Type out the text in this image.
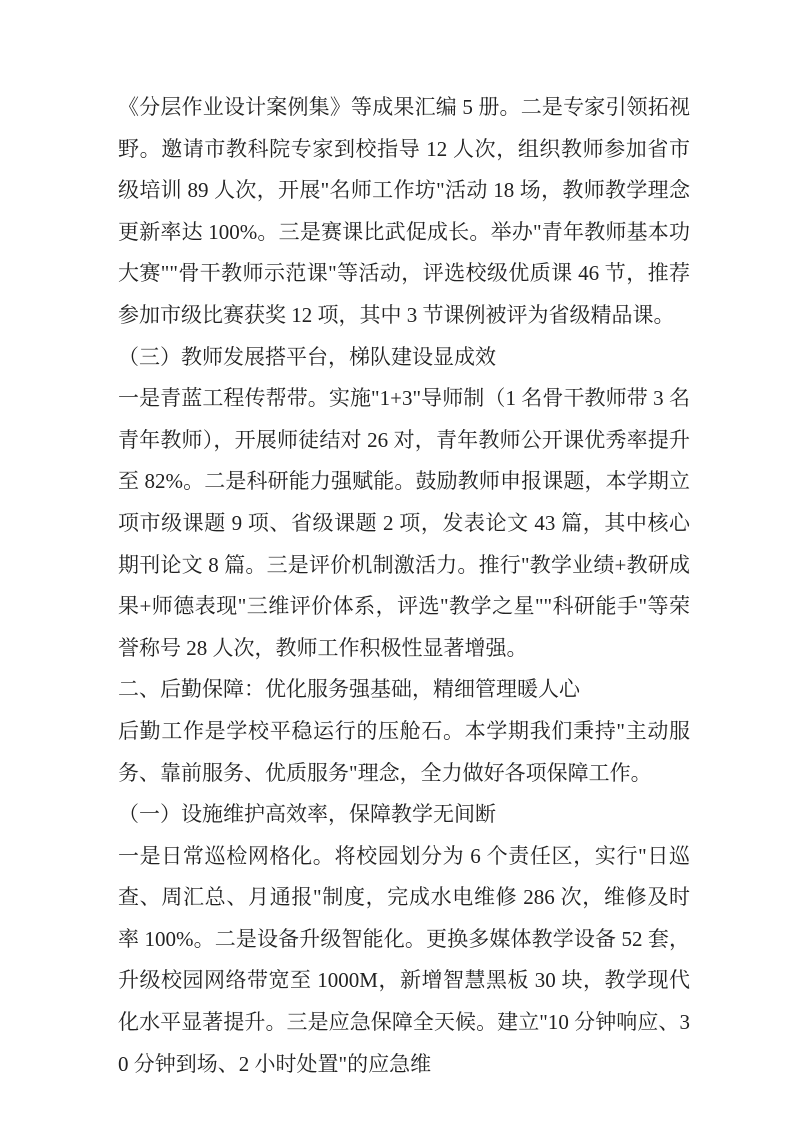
《分层作业设计案例集》等成果汇编 5 册。二是专家引领拓视野。邀请市教科院专家到校指导 12 人次，组织教师参加省市级培训 89 人次，开展"名师工作坊"活动 18 场，教师教学理念更新率达 100%。三是赛课比武促成长。举办"青年教师基本功大赛""骨干教师示范课"等活动，评选校级优质课 46 节，推荐参加市级比赛获奖 12 项，其中 3 节课例被评为省级精品课。

（三）教师发展搭平台，梯队建设显成效

一是青蓝工程传帮带。实施"1+3"导师制（1 名骨干教师带 3 名青年教师），开展师徒结对 26 对，青年教师公开课优秀率提升至 82%。二是科研能力强赋能。鼓励教师申报课题，本学期立项市级课题 9 项、省级课题 2 项，发表论文 43 篇，其中核心期刊论文 8 篇。三是评价机制激活力。推行"教学业绩+教研成果+师德表现"三维评价体系，评选"教学之星""科研能手"等荣誉称号 28 人次，教师工作积极性显著增强。

二、后勤保障：优化服务强基础，精细管理暖人心

后勤工作是学校平稳运行的压舱石。本学期我们秉持"主动服务、靠前服务、优质服务"理念，全力做好各项保障工作。

（一）设施维护高效率，保障教学无间断

一是日常巡检网格化。将校园划分为 6 个责任区，实行"日巡查、周汇总、月通报"制度，完成水电维修 286 次，维修及时率 100%。二是设备升级智能化。更换多媒体教学设备 52 套，升级校园网络带宽至 1000M，新增智慧黑板 30 块，教学现代化水平显著提升。三是应急保障全天候。建立"10 分钟响应、30 分钟到场、2 小时处置"的应急维
